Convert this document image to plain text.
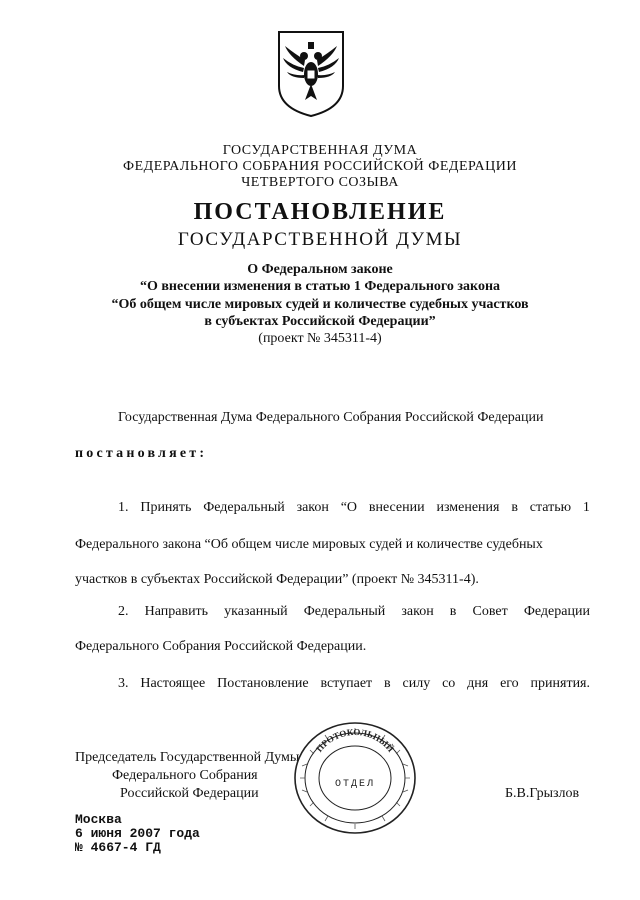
ГОСУДАРСТВЕННАЯ ДУМА
ФЕДЕРАЛЬНОГО СОБРАНИЯ РОССИЙСКОЙ ФЕДЕРАЦИИ
ЧЕТВЕРТОГО СОЗЫВА
ПОСТАНОВЛЕНИЕ
ГОСУДАРСТВЕННОЙ ДУМЫ
О Федеральном законе
“О внесении изменения в статью 1 Федерального закона
“Об общем числе мировых судей и количестве судебных участков
в субъектах Российской Федерации”
(проект № 345311-4)
Государственная Дума Федерального Собрания Российской Федерации
постановляет:
1. Принять Федеральный закон “О внесении изменения в статью 1
Федерального закона “Об общем числе мировых судей и количестве судебных
участков в субъектах Российской Федерации” (проект № 345311-4).
2. Направить указанный Федеральный закон в Совет Федерации
Федерального Собрания Российской Федерации.
3. Настоящее Постановление вступает в силу со дня его принятия.
Председатель Государственной Думы
Федерального Собрания
Российской Федерации	Б.В.Грызлов
ПРОТОКОЛЬНЫЙ
ОТДЕЛ
Москва
6 июня 2007 года
№ 4667-4 ГД
